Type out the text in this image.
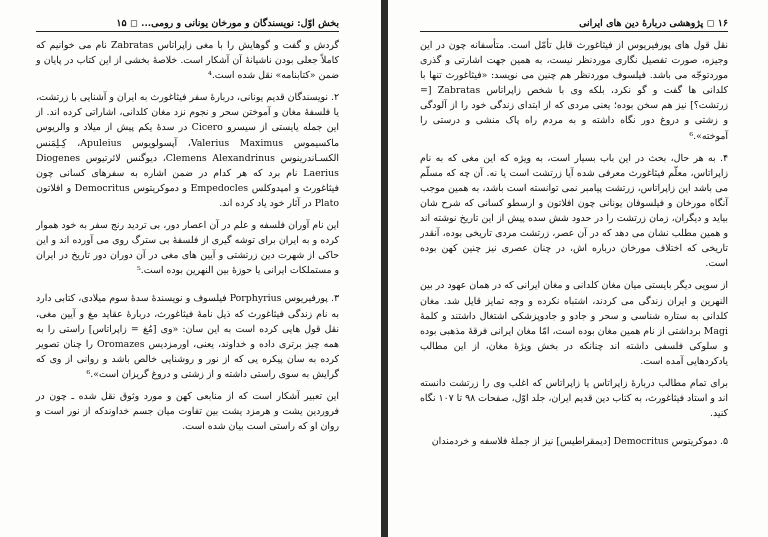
بخش اوّل: نویسندگان و مورخان یونانی و رومی... ◻ ۱۵

گردش و گفت و گوهایش را با مغی زاپراتاس Zabratas نام می خوانیم که کاملاً جعلی بودن ناشیانهٔ آن آشکار است. خلاصهٔ بخشی از این کتاب در پایان و ضمن «کتابنامه» نقل شده است.⁴

۲. نویسندگان قدیم یونانی، دربارهٔ سفر فیثاغورث به ایران و آشنایی با زرتشت، یا فلسفهٔ مغان و آموختن سحر و نجوم نزد مغان کلدانی، اشاراتی کرده اند. از این جمله یایستی از سیسرو Cicero در سدهٔ یکم پیش از میلاد و والریوس ماکسیموس Valerius Maximus، آپسولویوس Apuleius، کِـلِمَنس الکسـاندرینوس Clemens Alexandrinus، دیوگنس لائرتیوس Diogenes Laerius نام برد که هر کدام در ضمن اشاره به سفرهای کسانی چون فیثاغورث و امپدوکلس Empedocles و دموکریتوس Democritus و افلاتون Plato در آثار خود یاد کرده اند.

این نام آوران فلسفه و علم در آن اعصار دور، بی تردید رنج سفر به خود هموار کرده و به ایران برای توشه گیری از فلسفهٔ بی سترگ روی می آورده اند و این حاکی از شهرت دین زرتشتی و آیین های مغی در آن دوران دور تاریخ در ایران و مستملکات ایرانی یا حوزهٔ بین النهرین بوده است.⁵

۳. پورفیریوس Porphyrius فیلسوف و نویسندهٔ سدهٔ سوم میلادی، کتابی دارد به نام زندگی فیثاغورث که ذیل نامهٔ فیثاغورث، دربارهٔ عقاید مغ و آیین مغی، نقل قول هایی کرده است به این سان: «وی [مُغ = زاپراتاس] راستی را به همه چیز برتری داده و خداوند، یعنی، اورمزدیس Oromazes را چنان تصویر کرده به سان پیکره یی که از نور و روشنایی خالص باشد و روانی از وی که گرایش به سوی راستی داشته و از زشتی و دروغ گریزان است».⁶

این تعبیر آشکار است که از منابعی کهن و مورد وثوق نقل شده ـ چون در فروردین یشت و هرمزد یشت بین تفاوت میان جسم خداوندکه از نور است و روان او که راستی است بیان شده است.

۱۶ ◻ پژوهشی دربارهٔ دین های ایرانی

نقل قول های پورفیریوس از فیثاغورث قابل تأمّل است. متأسفانه چون در این وجیزه، صورت تفصیل نگاری موردنظر نیست، به همین جهت اشارتی و گذری موردتوجّه می باشد. فیلسوف موردنظر هم چنین می نویسد: «فیثاغورث تنها با کلدانی ها گفت و گو نکرد، بلکه وی با شخص زاپراتاس Zabratas [= زرتشت؟] نیز هم سخن بوده؛ یعنی مردی که از ابتدای زندگی خود را از آلودگی و زشتی و دروغ دور نگاه داشته و به مردم راه پاک منشی و درستی را آموخته».⁶

۴. به هر حال، بحث در این باب بسیار است، به ویژه که این مغی که به نام زاپراتاس، معلّم فیثاغورث معرفی شده آیا زرتشت است یا نه. آن چه که مسلّم می باشد این زاپراتاس، زرتشت پیامبر نمی توانسته است باشد، به همین موجب آنگاه مورخان و فیلسوفان یونانی چون افلاتون و ارسطو کسانی که شرح شان بیاید و دیگران، زمان زرتشت را در حدود شش سده پیش از این تاریخ نوشته اند و همین مطلب نشان می دهد که در آن عصر، زرتشت مردی تاریخی بوده، آنقدر تاریخی که اختلاف مورخان درباره اش، در چنان عصری نیز چنین کهن بوده است.

از سویی دیگر بایستی میان مغان کلدانی و مغان ایرانی که در همان عهود در بین النهرین و ایران زندگی می کردند، اشتباه نکرده و وجه تمایز قایل شد. مغان کلدانی به ستاره شناسی و سحر و جادو و جادوپزشکی اشتغال داشتند و کلمهٔ Magi برداشتی از نام همین مغان بوده است، امّا مغان ایرانی فرقهٔ مذهبی بوده و سلوکی فلسفی داشته اند چنانکه در بخش ویژهٔ مغان، از این مطالب یادکردهایی آمده است.

برای تمام مطالب دربارهٔ زاپراتاس یا زاپراتاس که اغلب وی را زرتشت دانسته اند و استاد فیثاغورث، به کتاب دین قدیم ایران، جلد اوّل، صفحات ۹۸ تا ۱۰۷ نگاه کنید.

۵. دموکریتوس Democritus [دیمقراطیس] نیز از جملهٔ فلاسفه و خردمندان
